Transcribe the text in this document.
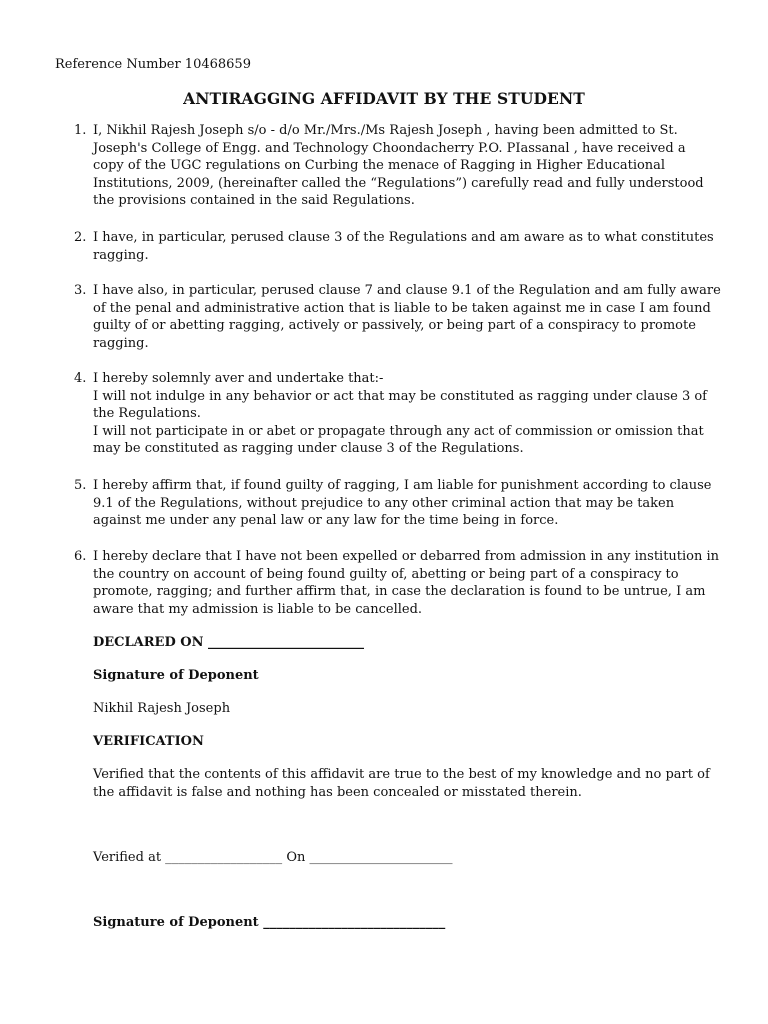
Reference Number 10468659
ANTIRAGGING AFFIDAVIT BY THE STUDENT
1. I, Nikhil Rajesh Joseph s/o - d/o Mr./Mrs./Ms Rajesh Joseph , having been admitted to St.
Joseph's College of Engg. and Technology Choondacherry P.O. PIassanal , have received a
copy of the UGC regulations on Curbing the menace of Ragging in Higher Educational
Institutions, 2009, (hereinafter called the “Regulations”) carefully read and fully understood
the provisions contained in the said Regulations.
2. I have, in particular, perused clause 3 of the Regulations and am aware as to what constitutes
ragging.
3. I have also, in particular, perused clause 7 and clause 9.1 of the Regulation and am fully aware
of the penal and administrative action that is liable to be taken against me in case I am found
guilty of or abetting ragging, actively or passively, or being part of a conspiracy to promote
ragging.
4. I hereby solemnly aver and undertake that:-
I will not indulge in any behavior or act that may be constituted as ragging under clause 3 of
the Regulations.
I will not participate in or abet or propagate through any act of commission or omission that
may be constituted as ragging under clause 3 of the Regulations.
5. I hereby affirm that, if found guilty of ragging, I am liable for punishment according to clause
9.1 of the Regulations, without prejudice to any other criminal action that may be taken
against me under any penal law or any law for the time being in force.
6. I hereby declare that I have not been expelled or debarred from admission in any institution in
the country on account of being found guilty of, abetting or being part of a conspiracy to
promote, ragging; and further affirm that, in case the declaration is found to be untrue, I am
aware that my admission is liable to be cancelled.
DECLARED ON ________________________
Signature of Deponent
Nikhil Rajesh Joseph
VERIFICATION
Verified that the contents of this affidavit are true to the best of my knowledge and no part of
the affidavit is false and nothing has been concealed or misstated therein.
Verified at __________________ On ______________________
Signature of Deponent ____________________________
